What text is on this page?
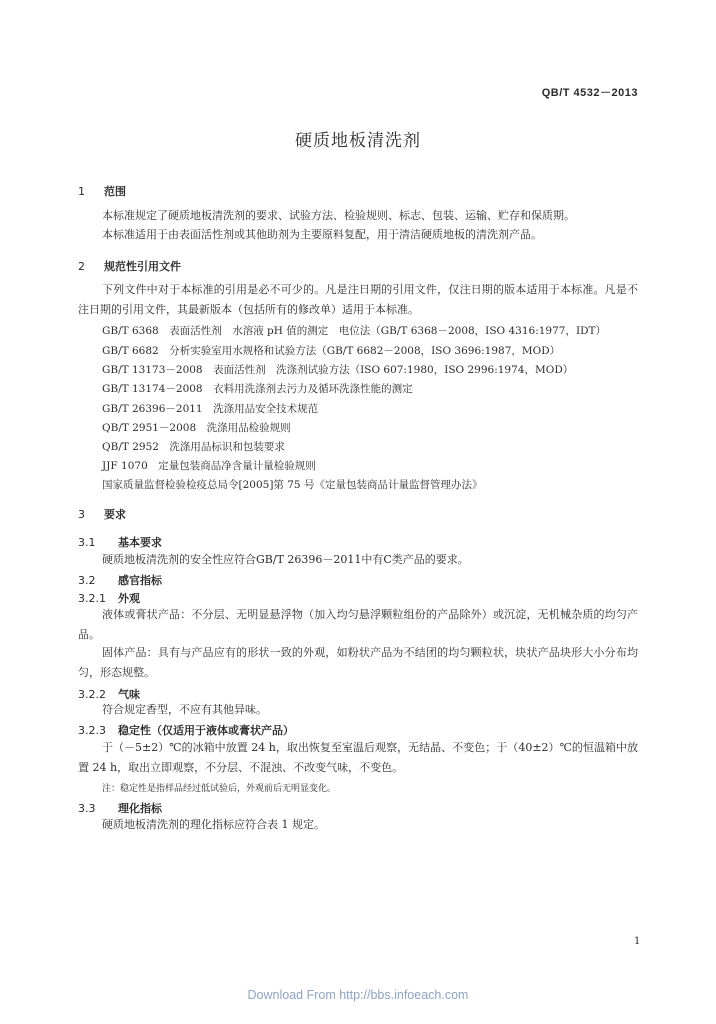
QB/T 4532－2013
硬质地板清洗剂
1 范围
本标准规定了硬质地板清洗剂的要求、试验方法、检验规则、标志、包装、运输、贮存和保质期。
本标准适用于由表面活性剂或其他助剂为主要原料复配，用于清洁硬质地板的清洗剂产品。
2 规范性引用文件
下列文件中对于本标准的引用是必不可少的。凡是注日期的引用文件，仅注日期的版本适用于本标准。凡是不注日期的引用文件，其最新版本（包括所有的修改单）适用于本标准。
GB/T 6368　表面活性剂　水溶液 pH 值的测定　电位法（GB/T 6368－2008，ISO 4316:1977，IDT）
GB/T 6682　分析实验室用水规格和试验方法（GB/T 6682－2008，ISO 3696:1987，MOD）
GB/T 13173－2008　表面活性剂　洗涤剂试验方法（ISO 607:1980，ISO 2996:1974，MOD）
GB/T 13174－2008　衣料用洗涤剂去污力及循环洗涤性能的测定
GB/T 26396－2011　洗涤用品安全技术规范
QB/T 2951－2008　洗涤用品检验规则
QB/T 2952　洗涤用品标识和包装要求
JJF 1070　定量包装商品净含量计量检验规则
国家质量监督检验检疫总局令[2005]第 75 号《定量包装商品计量监督管理办法》
3 要求
3.1 基本要求
硬质地板清洗剂的安全性应符合GB/T 26396－2011中有C类产品的要求。
3.2 感官指标
3.2.1 外观
液体或膏状产品：不分层、无明显悬浮物（加入均匀悬浮颗粒组份的产品除外）或沉淀，无机械杂质的均匀产品。
固体产品：具有与产品应有的形状一致的外观，如粉状产品为不结团的均匀颗粒状，块状产品块形大小分布均匀，形态规整。
3.2.2 气味
符合规定香型，不应有其他异味。
3.2.3 稳定性（仅适用于液体或膏状产品）
于（－5±2）℃的冰箱中放置 24 h，取出恢复至室温后观察，无结晶、不变色；于（40±2）℃的恒温箱中放置 24 h，取出立即观察，不分层、不混浊、不改变气味，不变色。
注：稳定性是指样品经过低试验后，外观前后无明显变化。
3.3 理化指标
硬质地板清洗剂的理化指标应符合表 1 规定。
1
Download From http://bbs.infoeach.com
